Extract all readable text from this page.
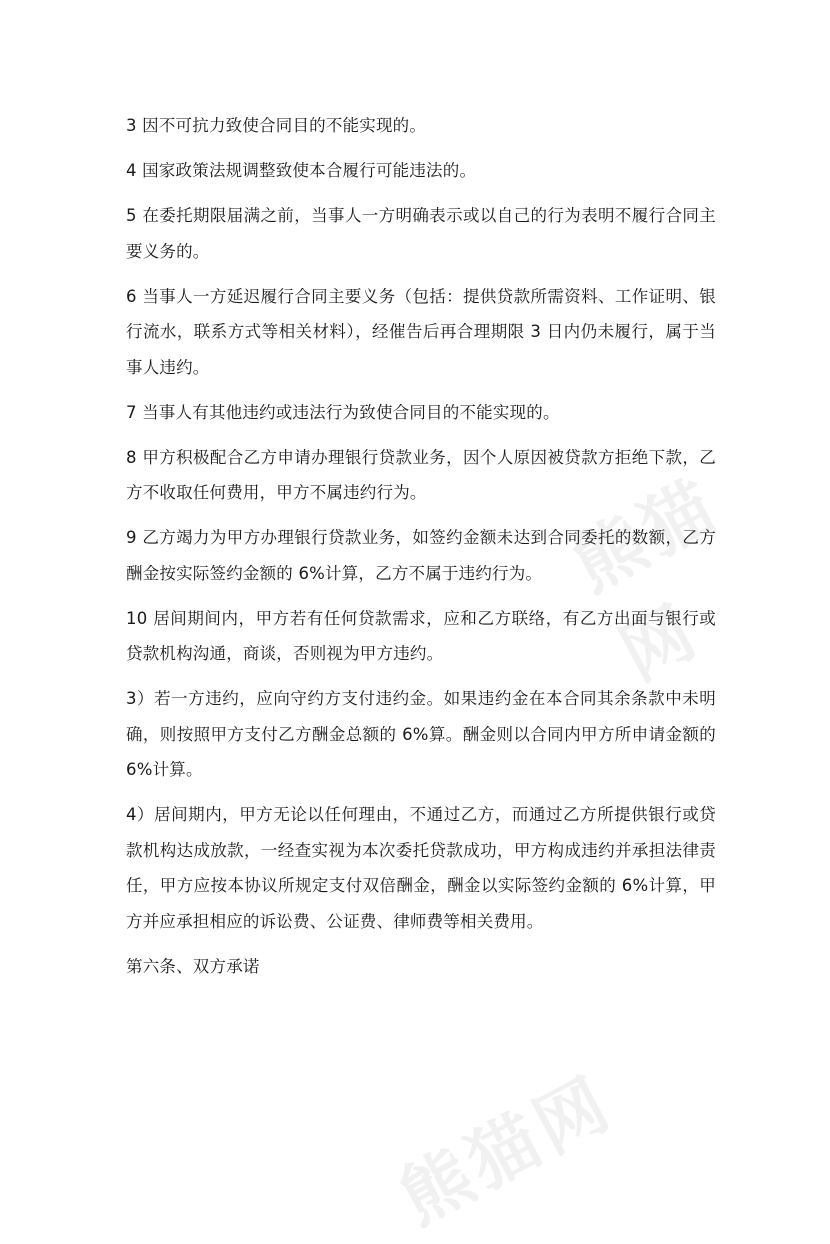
熊猫网
熊猫网

3 因不可抗力致使合同目的不能实现的。

4 国家政策法规调整致使本合履行可能违法的。

5 在委托期限届满之前，当事人一方明确表示或以自己的行为表明不履行合同主要义务的。

6 当事人一方延迟履行合同主要义务（包括：提供贷款所需资料、工作证明、银行流水，联系方式等相关材料），经催告后再合理期限 3 日内仍未履行，属于当事人违约。

7 当事人有其他违约或违法行为致使合同目的不能实现的。

8 甲方积极配合乙方申请办理银行贷款业务，因个人原因被贷款方拒绝下款，乙方不收取任何费用，甲方不属违约行为。

9 乙方竭力为甲方办理银行贷款业务，如签约金额未达到合同委托的数额，乙方酬金按实际签约金额的 6%计算，乙方不属于违约行为。

10 居间期间内，甲方若有任何贷款需求，应和乙方联络，有乙方出面与银行或贷款机构沟通，商谈，否则视为甲方违约。

3）若一方违约，应向守约方支付违约金。如果违约金在本合同其余条款中未明确，则按照甲方支付乙方酬金总额的 6%算。酬金则以合同内甲方所申请金额的 6%计算。

4）居间期内，甲方无论以任何理由，不通过乙方，而通过乙方所提供银行或贷款机构达成放款，一经查实视为本次委托贷款成功，甲方构成违约并承担法律责任，甲方应按本协议所规定支付双倍酬金，酬金以实际签约金额的 6%计算，甲方并应承担相应的诉讼费、公证费、律师费等相关费用。

第六条、双方承诺
